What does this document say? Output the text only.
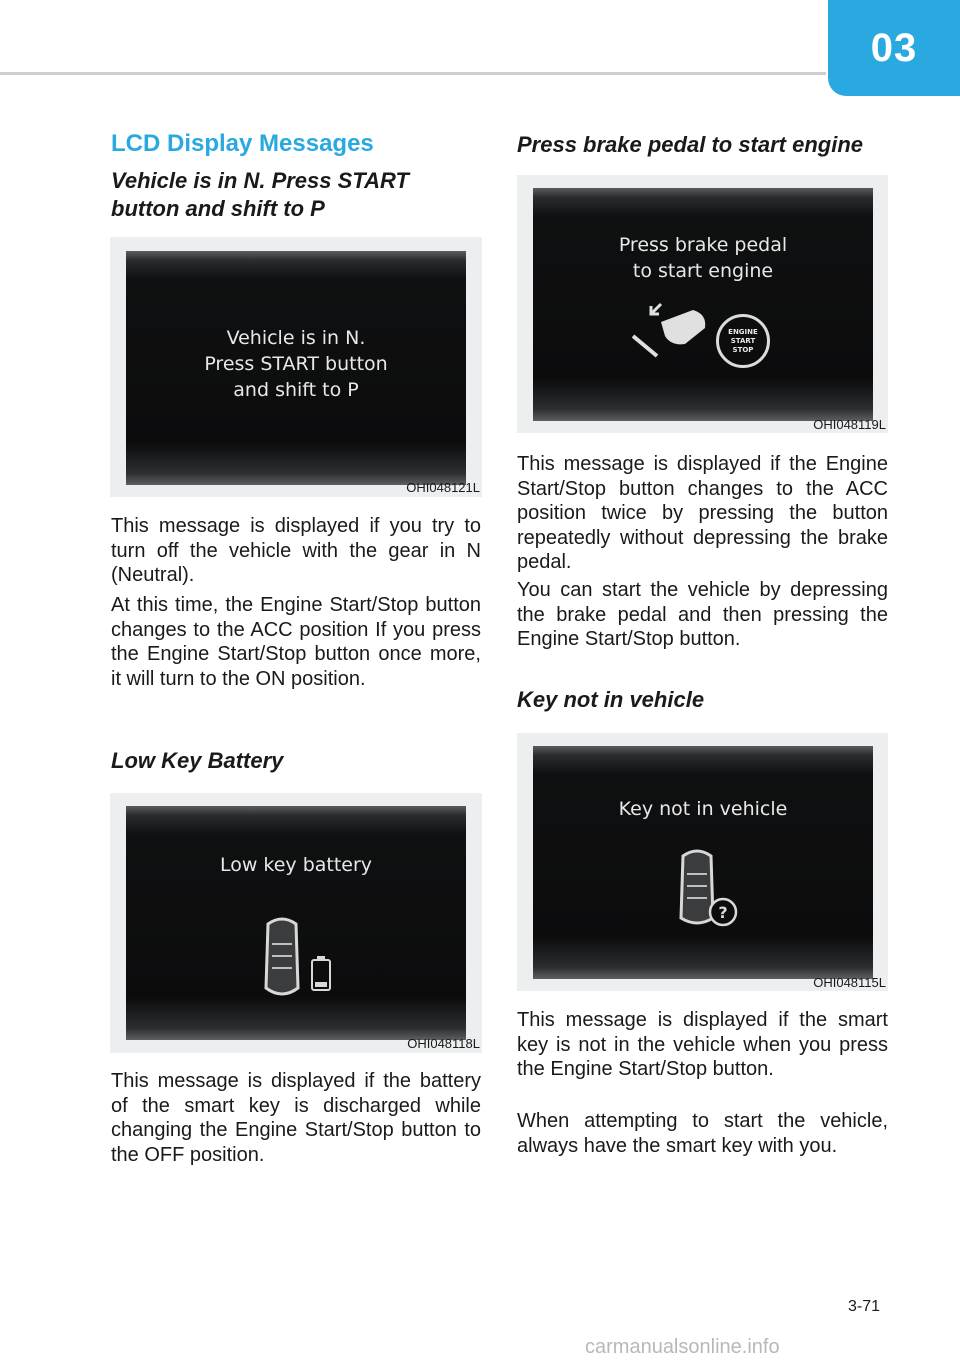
03
LCD Display Messages
Vehicle is in N. Press START
button and shift to P
Vehicle is in N.
Press START button
and shift to P
OHI048121L

This message is displayed if you try to turn off the vehicle with the gear in N (Neutral).

At this time, the Engine Start/Stop button changes to the ACC position If you press the Engine Start/Stop button once more, it will turn to the ON position.

Low Key Battery
Low key battery
OHI048118L

This message is displayed if the battery of the smart key is discharged while changing the Engine Start/Stop button to the OFF position.

Press brake pedal to start engine
Press brake pedal
to start engine
ENGINE
START
STOP
OHI048119L

This message is displayed if the Engine Start/Stop button changes to the ACC position twice by pressing the button repeatedly without depressing the brake pedal.

You can start the vehicle by depressing the brake pedal and then pressing the Engine Start/Stop button.

Key not in vehicle
Key not in vehicle
?
OHI048115L

This message is displayed if the smart key is not in the vehicle when you press the Engine Start/Stop button.

When attempting to start the vehicle, always have the smart key with you.

3-71
carmanualsonline.info
